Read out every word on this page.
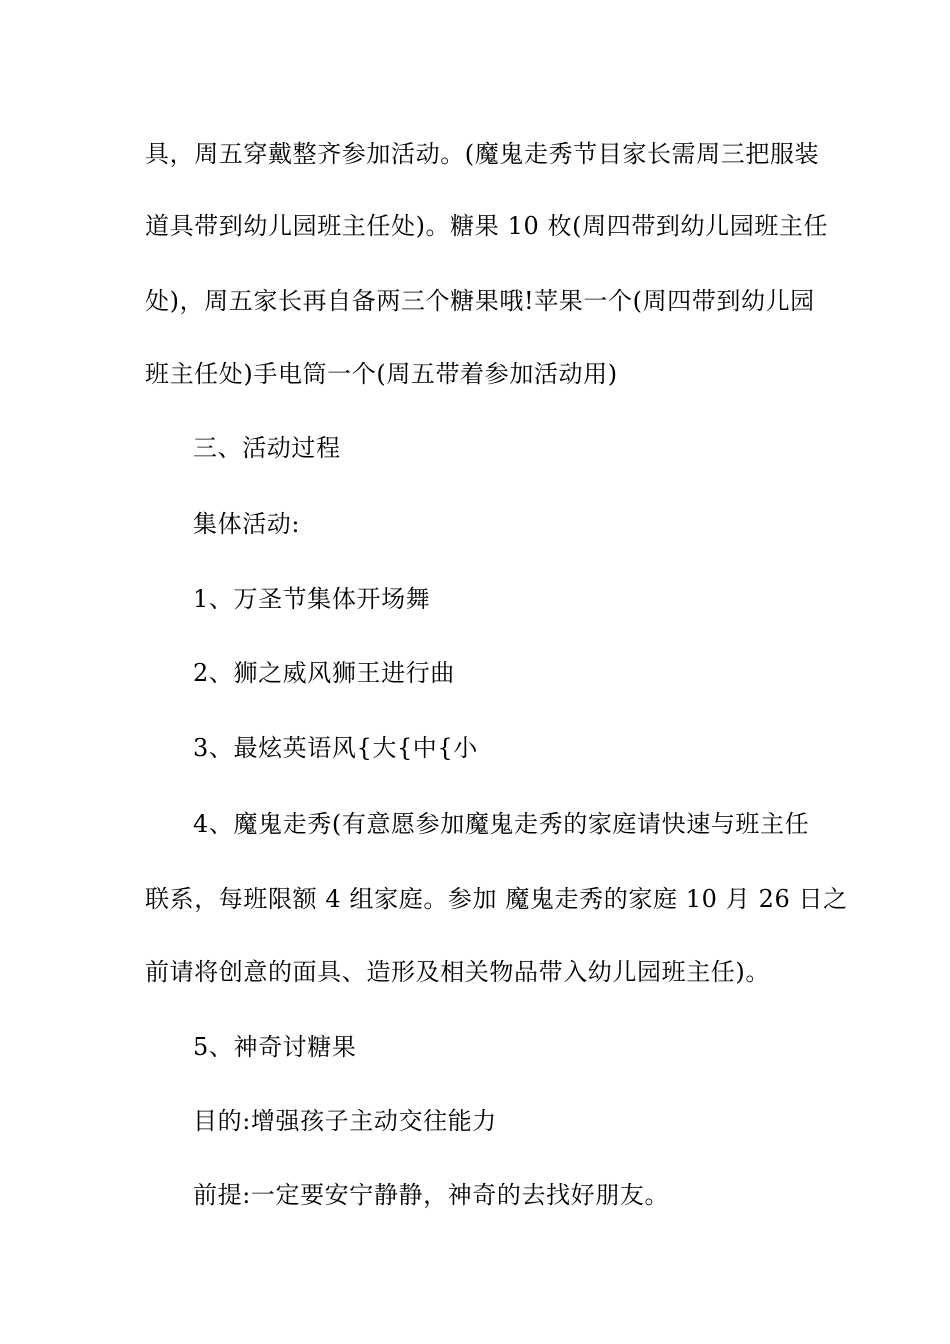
具，周五穿戴整齐参加活动。(魔鬼走秀节目家长需周三把服装
道具带到幼儿园班主任处)。糖果 10 枚(周四带到幼儿园班主任
处)，周五家长再自备两三个糖果哦!苹果一个(周四带到幼儿园
班主任处)手电筒一个(周五带着参加活动用)
三、活动过程
集体活动:
1、万圣节集体开场舞
2、狮之威风狮王进行曲
3、最炫英语风{大{中{小
4、魔鬼走秀(有意愿参加魔鬼走秀的家庭请快速与班主任
联系，每班限额 4 组家庭。参加 魔鬼走秀的家庭 10 月 26 日之
前请将创意的面具、造形及相关物品带入幼儿园班主任)。
5、神奇讨糖果
目的:增强孩子主动交往能力
前提:一定要安宁静静，神奇的去找好朋友。
